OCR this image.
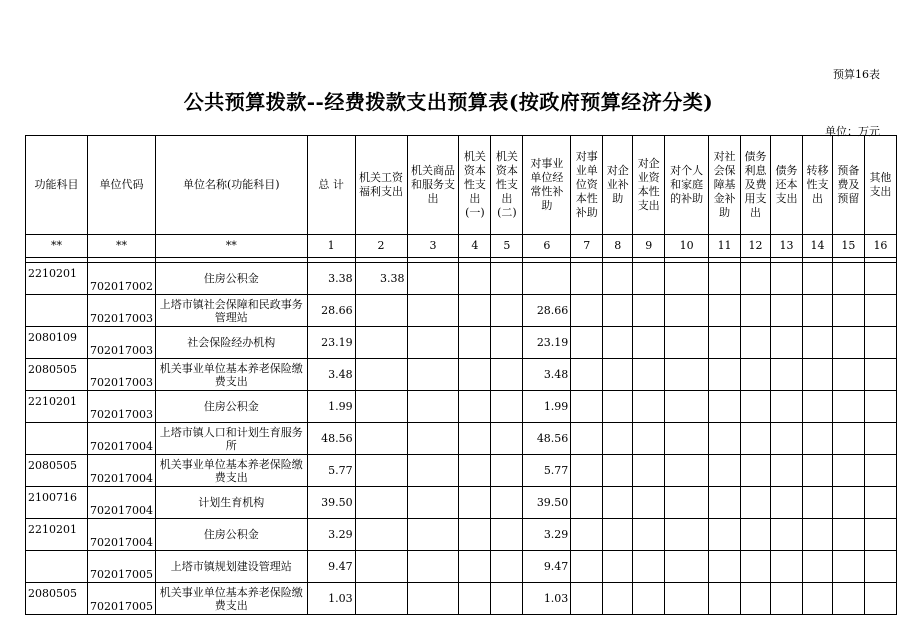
预算16表
公共预算拨款--经费拨款支出预算表(按政府预算经济分类)
单位：万元
功能科目	单位代码	单位名称(功能科目)	总 计	机关工资福利支出	机关商品和服务支出	机关资本性支出(一)	机关资本性支出(二)	对事业单位经常性补助	对事业单位资本性补助	对企业补助	对企业资本性支出	对个人和家庭的补助	对社会保障基金补助	债务利息及费用支出	债务还本支出	转移性支出	预备费及预留	其他支出
**	**	**	1	2	3	4	5	6	7	8	9	10	11	12	13	14	15	16

2210201	702017002	住房公积金	3.38	3.38														
	702017003	上塔市镇社会保障和民政事务管理站	28.66					28.66										
2080109	702017003	社会保险经办机构	23.19					23.19										
2080505	702017003	机关事业单位基本养老保险缴费支出	3.48					3.48										
2210201	702017003	住房公积金	1.99					1.99										
	702017004	上塔市镇人口和计划生育服务所	48.56					48.56										
2080505	702017004	机关事业单位基本养老保险缴费支出	5.77					5.77										
2100716	702017004	计划生育机构	39.50					39.50										
2210201	702017004	住房公积金	3.29					3.29										
	702017005	上塔市镇规划建设管理站	9.47					9.47										
2080505	702017005	机关事业单位基本养老保险缴费支出	1.03					1.03										
